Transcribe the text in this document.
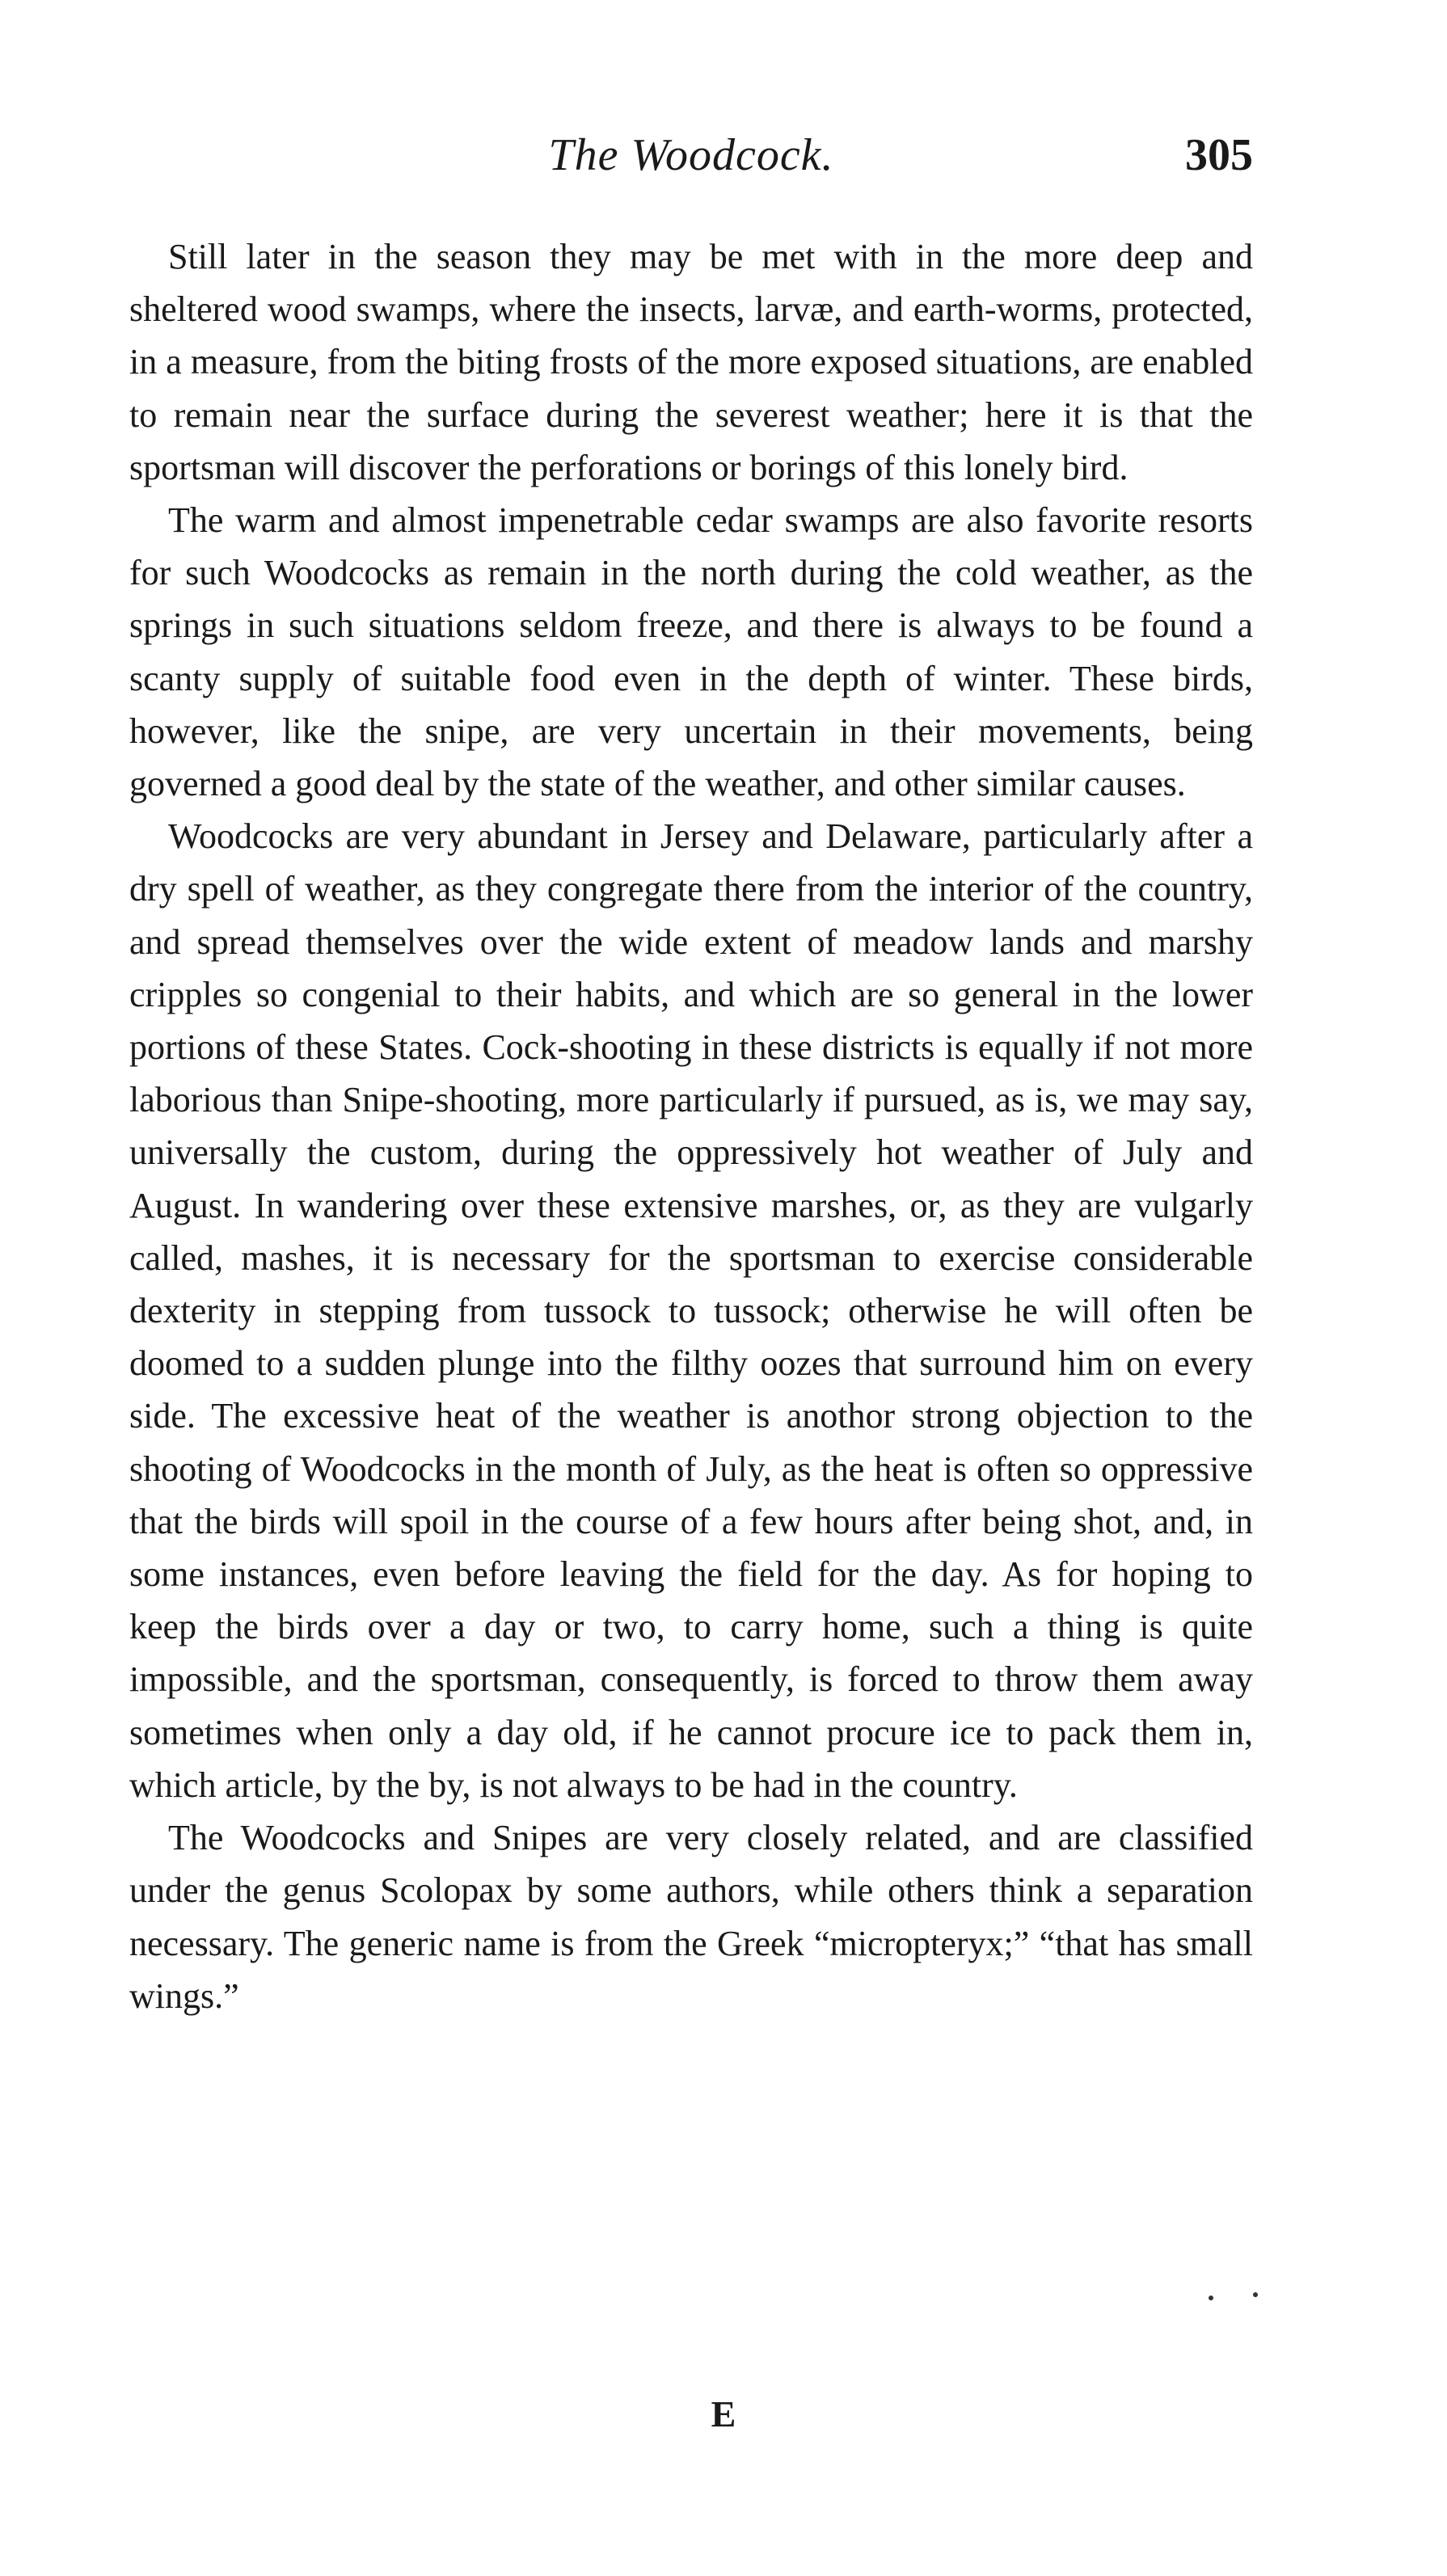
The Woodcock.	305

Still later in the season they may be met with in the more deep and sheltered wood swamps, where the insects, larvæ, and earth-worms, protected, in a measure, from the biting frosts of the more exposed situations, are enabled to remain near the surface during the severest weather; here it is that the sportsman will discover the perforations or borings of this lonely bird.

The warm and almost impenetrable cedar swamps are also favorite resorts for such Woodcocks as remain in the north during the cold weather, as the springs in such situations seldom freeze, and there is always to be found a scanty supply of suitable food even in the depth of winter. These birds, however, like the snipe, are very uncertain in their movements, being governed a good deal by the state of the weather, and other similar causes.

Woodcocks are very abundant in Jersey and Delaware, particularly after a dry spell of weather, as they congregate there from the interior of the country, and spread themselves over the wide extent of meadow lands and marshy cripples so congenial to their habits, and which are so general in the lower portions of these States. Cock-shooting in these districts is equally if not more laborious than Snipe-shooting, more particularly if pursued, as is, we may say, universally the custom, during the oppressively hot weather of July and August. In wandering over these extensive marshes, or, as they are vulgarly called, mashes, it is necessary for the sportsman to exercise considerable dexterity in stepping from tussock to tussock; otherwise he will often be doomed to a sudden plunge into the filthy oozes that surround him on every side. The excessive heat of the weather is anothor strong objection to the shooting of Woodcocks in the month of July, as the heat is often so oppressive that the birds will spoil in the course of a few hours after being shot, and, in some instances, even before leaving the field for the day. As for hoping to keep the birds over a day or two, to carry home, such a thing is quite impossible, and the sportsman, consequently, is forced to throw them away sometimes when only a day old, if he cannot procure ice to pack them in, which article, by the by, is not always to be had in the country.

The Woodcocks and Snipes are very closely related, and are classified under the genus Scolopax by some authors, while others think a separation necessary. The generic name is from the Greek “micropteryx;” “that has small wings.”

E
